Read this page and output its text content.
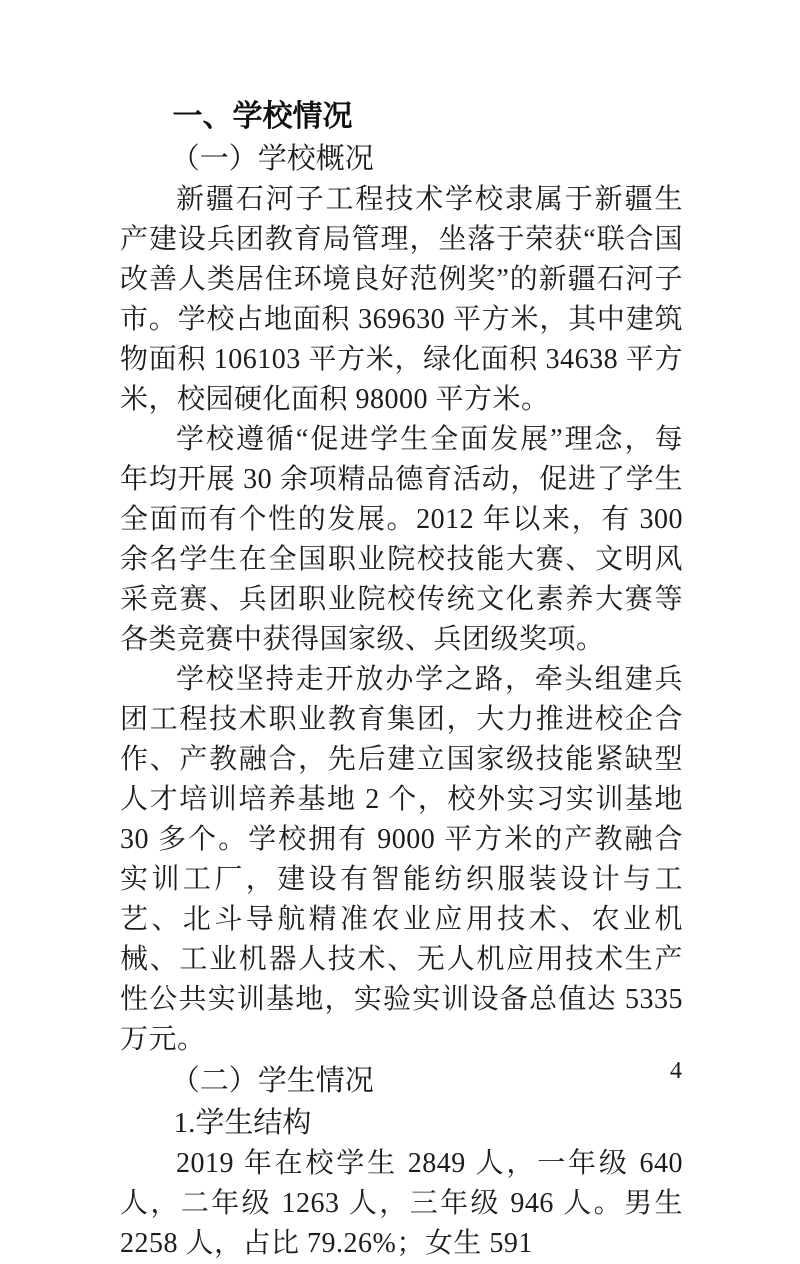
一、学校情况
（一）学校概况

新疆石河子工程技术学校隶属于新疆生产建设兵团教育局管理，坐落于荣获“联合国改善人类居住环境良好范例奖”的新疆石河子市。学校占地面积 369630 平方米，其中建筑物面积 106103 平方米，绿化面积 34638 平方米，校园硬化面积 98000 平方米。

学校遵循“促进学生全面发展”理念，每年均开展 30 余项精品德育活动，促进了学生全面而有个性的发展。2012 年以来，有 300 余名学生在全国职业院校技能大赛、文明风采竞赛、兵团职业院校传统文化素养大赛等各类竞赛中获得国家级、兵团级奖项。

学校坚持走开放办学之路，牵头组建兵团工程技术职业教育集团，大力推进校企合作、产教融合，先后建立国家级技能紧缺型人才培训培养基地 2 个，校外实习实训基地 30 多个。学校拥有 9000 平方米的产教融合实训工厂，建设有智能纺织服装设计与工艺、北斗导航精准农业应用技术、农业机械、工业机器人技术、无人机应用技术生产性公共实训基地，实验实训设备总值达 5335 万元。

（二）学生情况
1.学生结构

2019 年在校学生 2849 人，一年级 640 人，二年级 1263 人，三年级 946 人。男生 2258 人，占比 79.26%；女生 591

4
